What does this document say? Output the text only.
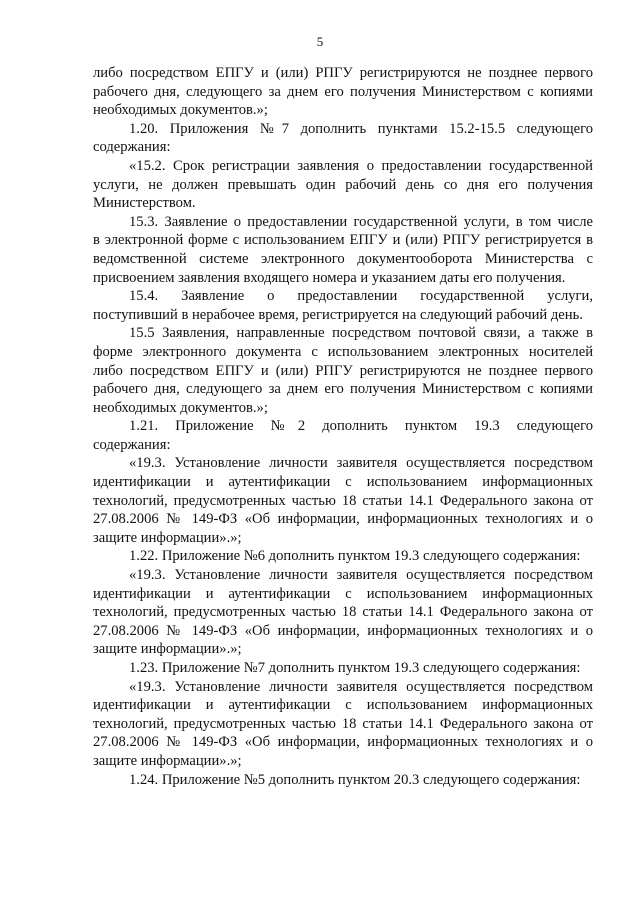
5
либо посредством ЕПГУ и (или) РПГУ регистрируются не позднее первого
рабочего дня, следующего за днем его получения Министерством с копиями
необходимых документов.»;
1.20. Приложения №7 дополнить пунктами 15.2-15.5 следующего
содержания:
«15.2. Срок регистрации заявления о предоставлении государственной
услуги, не должен превышать один рабочий день со дня его получения
Министерством.
15.3. Заявление о предоставлении государственной услуги, в том числе
в электронной форме с использованием ЕПГУ и (или) РПГУ регистрируется в
ведомственной системе электронного документооборота Министерства с
присвоением заявления входящего номера и указанием даты его получения.
15.4. Заявление о предоставлении государственной услуги,
поступивший в нерабочее время, регистрируется на следующий рабочий день.
15.5 Заявления, направленные посредством почтовой связи, а также в
форме электронного документа с использованием электронных носителей
либо посредством ЕПГУ и (или) РПГУ регистрируются не позднее первого
рабочего дня, следующего за днем его получения Министерством с копиями
необходимых документов.»;
1.21. Приложение №2 дополнить пунктом 19.3 следующего
содержания:
«19.3. Установление личности заявителя осуществляется посредством
идентификации и аутентификации с использованием информационных
технологий, предусмотренных частью 18 статьи 14.1 Федерального закона от
27.08.2006 № 149-ФЗ «Об информации, информационных технологиях и о
защите информации».»;
1.22. Приложение №6 дополнить пунктом 19.3 следующего содержания:
«19.3. Установление личности заявителя осуществляется посредством
идентификации и аутентификации с использованием информационных
технологий, предусмотренных частью 18 статьи 14.1 Федерального закона от
27.08.2006 № 149-ФЗ «Об информации, информационных технологиях и о
защите информации».»;
1.23. Приложение №7 дополнить пунктом 19.3 следующего содержания:
«19.3. Установление личности заявителя осуществляется посредством
идентификации и аутентификации с использованием информационных
технологий, предусмотренных частью 18 статьи 14.1 Федерального закона от
27.08.2006 № 149-ФЗ «Об информации, информационных технологиях и о
защите информации».»;
1.24. Приложение №5 дополнить пунктом 20.3 следующего содержания:
